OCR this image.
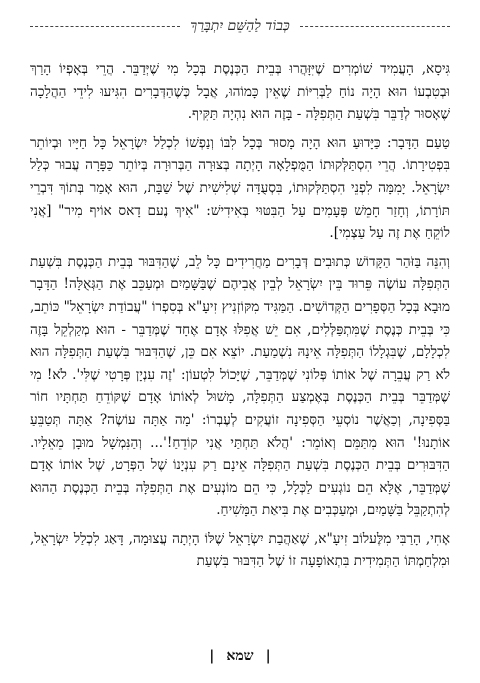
כְּבוֹד לַהַשֵּׁם יִתְבָּרַךְ

גִּיסָא, הָעֲמִיד שׁוֹמְרִים שֶׁיִּזָּהֲרוּ בְּבֵית הַכְּנֶסֶת בְּכָל מִי שֶׁיְּדַבֵּר. הֲרֵי בְּאָפְיוֹ הָרַךְ וּבְטִבְעוֹ הוּא הָיָה נוֹחַ לַבְּרִיּוֹת שֶׁאֵין כָּמוֹהוּ, אֲבָל כְּשֶׁהַדְּבָרִים הִגִּיעוּ לִידֵי הַהֲלָכָה שֶׁאָסוּר לְדַבֵּר בִּשְׁעַת הַתְּפִלָּה - בָּזֶה הוּא נִהְיָה תַּקִּיף.

טַעַם הַדָּבָר: כַּיָּדוּעַ הוּא הָיָה מָסוּר בְּכָל לִבּוֹ וְנַפְשׁוֹ לִכְלַל יִשְׂרָאֵל כָּל חַיָּיו וּבְיוֹתֵר בִּפְטִירָתוֹ. הֲרֵי הִסְתַּלְּקוּתוֹ הַמֻּפְלָאָה הָיְתָה בְּצוּרָה הַבְּרוּרָה בְּיוֹתֵר כַּפָּרָה עֲבוּר כְּלַל יִשְׂרָאֵל. יָמִמָּה לִפְנֵי הִסְתַּלְּקוּתוֹ, בִּסְעֻדָּה שְׁלִישִׁית שֶׁל שַׁבָּת, הוּא אָמַר בְּתוֹךְ דִּבְרֵי תּוֹרָתוֹ, וְחָזַר חָמֵשׁ פְּעָמִים עַל הַבִּטּוּי בְּאִידִישׁ: "אִיךְ נֶעם דָאס אוֹיף מִיר" [אֲנִי לוֹקֵחַ אֶת זֶה עַל עַצְמִי].

וְהִנֵּה בַּזֹּהַר הַקָּדוֹשׁ כְּתוּבִים דְּבָרִים מַחֲרִידִים כָּל לֵב, שֶׁהַדִּבּוּר בְּבֵית הַכְּנֶסֶת בִּשְׁעַת הַתְּפִלָּה עוֹשֶׂה פֵּרוּד בֵּין יִשְׂרָאֵל לְבֵין אֲבִיהֶם שֶׁבַּשָּׁמַיִם וּמְעַכֵּב אֶת הַגְּאֻלָּה! הַדָּבָר מוּבָא בְּכָל הַסְּפָרִים הַקְּדוֹשִׁים. הַמַּגִּיד מִקּוֹזְנִיץ זִיעָ"א בְּסִפְרוֹ "עֲבוֹדַת יִשְׂרָאֵל" כּוֹתֵב, כִּי בְּבֵית כְּנֶסֶת שֶׁמִּתְפַּלְּלִים, אִם יֵשׁ אֲפִלּוּ אָדָם אֶחָד שֶׁמְּדַבֵּר - הוּא מְקַלְקֵל בָּזֶה לִכְלָלָם, שֶׁבִּגְלָלוֹ הַתְּפִלָּה אֵינָהּ נִשְׁמַעַת. יוֹצֵא אִם כֵּן, שֶׁהַדִּבּוּר בִּשְׁעַת הַתְּפִלָּה הוּא לֹא רַק עֲבֵרָה שֶׁל אוֹתוֹ פְּלוֹנִי שֶׁמְּדַבֵּר, שֶׁיָּכוֹל לִטְעוֹן: 'זֶה עִנְיָן פְּרָטִי שֶׁלִּי'. לֹא! מִי שֶׁמְּדַבֵּר בְּבֵית הַכְּנֶסֶת בְּאֶמְצַע הַתְּפִלָּה, מָשׁוּל לְאוֹתוֹ אָדָם שֶׁקּוֹדֵחַ תַּחְתָּיו חוֹר בַּסְּפִינָה, וְכַאֲשֶׁר נוֹסְעֵי הַסְּפִינָה זוֹעֲקִים לְעֶבְרוֹ: 'מָה אַתָּה עוֹשֶׂה? אַתָּה תְּטַבֵּעַ אוֹתָנוּ!' הוּא מִתַּמֵּם וְאוֹמֵר: 'הֲלֹא תַּחְתַּי אֲנִי קוֹדֵחַ!'... וְהַנִּמְשָׁל מוּבָן מֵאֵלָיו. הַדִּבּוּרִים בְּבֵית הַכְּנֶסֶת בִּשְׁעַת הַתְּפִלָּה אֵינָם רַק עִנְיָנוֹ שֶׁל הַפְּרָט, שֶׁל אוֹתוֹ אָדָם שֶׁמְּדַבֵּר, אֶלָּא הֵם נוֹגְעִים לַכְּלָל, כִּי הֵם מוֹנְעִים אֶת הַתְּפִלָּה בְּבֵית הַכְּנֶסֶת הַהוּא לְהִתְקַבֵּל בַּשָּׁמַיִם, וּמְעַכְּבִים אֶת בִּיאַת הַמָּשִׁיחַ.

אָחִי, הָרַבִּי מִלֶּעלוֹב זִיעָ"א, שֶׁאַהֲבַת יִשְׂרָאֵל שֶׁלּוֹ הָיְתָה עֲצוּמָה, דָּאַג לִכְלַל יִשְׂרָאֵל, וּמִלְחַמְתּוֹ הַתְּמִידִית בִּתְאוֹפָעָה זוֹ שֶׁל הַדִּבּוּר בִּשְׁעַת

|שמא|
